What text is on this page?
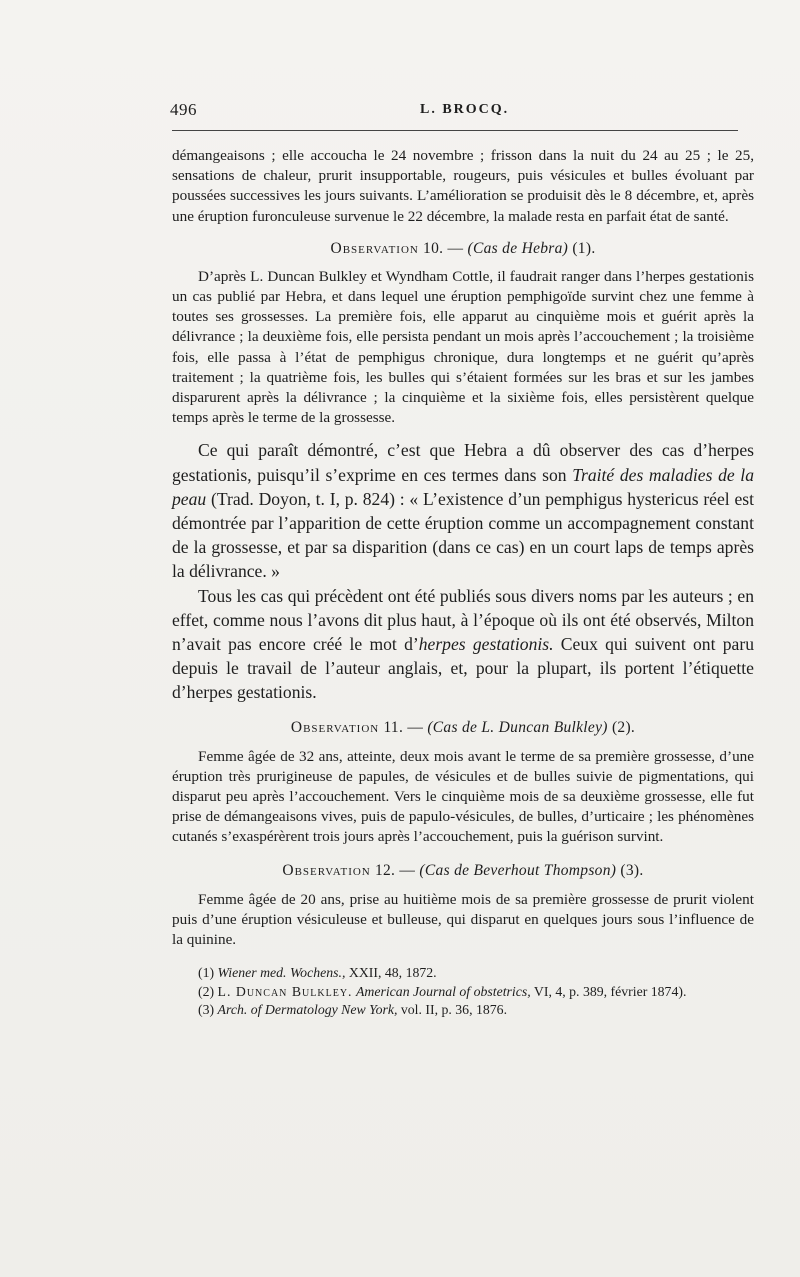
496	L. BROCQ.

démangeaisons ; elle accoucha le 24 novembre ; frisson dans la nuit du 24 au 25 ; le 25, sensations de chaleur, prurit insupportable, rougeurs, puis vésicules et bulles évoluant par poussées successives les jours suivants. L’amélioration se produisit dès le 8 décembre, et, après une éruption furonculeuse survenue le 22 décembre, la malade resta en parfait état de santé.

Observation 10. — (Cas de Hebra) (1).

D’après L. Duncan Bulkley et Wyndham Cottle, il faudrait ranger dans l’herpes gestationis un cas publié par Hebra, et dans lequel une éruption pemphigoïde survint chez une femme à toutes ses grossesses. La première fois, elle apparut au cinquième mois et guérit après la délivrance ; la deuxième fois, elle persista pendant un mois après l’accouchement ; la troisième fois, elle passa à l’état de pemphigus chronique, dura longtemps et ne guérit qu’après traitement ; la quatrième fois, les bulles qui s’étaient formées sur les bras et sur les jambes disparurent après la délivrance ; la cinquième et la sixième fois, elles persistèrent quelque temps après le terme de la grossesse.

Ce qui paraît démontré, c’est que Hebra a dû observer des cas d’herpes gestationis, puisqu’il s’exprime en ces termes dans son Traité des maladies de la peau (Trad. Doyon, t. I, p. 824) : « L’existence d’un pemphigus hystericus réel est démontrée par l’apparition de cette éruption comme un accompagnement constant de la grossesse, et par sa disparition (dans ce cas) en un court laps de temps après la délivrance. »

Tous les cas qui précèdent ont été publiés sous divers noms par les auteurs ; en effet, comme nous l’avons dit plus haut, à l’époque où ils ont été observés, Milton n’avait pas encore créé le mot d’herpes gestationis. Ceux qui suivent ont paru depuis le travail de l’auteur anglais, et, pour la plupart, ils portent l’étiquette d’herpes gestationis.

Observation 11. — (Cas de L. Duncan Bulkley) (2).

Femme âgée de 32 ans, atteinte, deux mois avant le terme de sa première grossesse, d’une éruption très prurigineuse de papules, de vésicules et de bulles suivie de pigmentations, qui disparut peu après l’accouchement. Vers le cinquième mois de sa deuxième grossesse, elle fut prise de démangeaisons vives, puis de papulo-vésicules, de bulles, d’urticaire ; les phénomènes cutanés s’exaspérèrent trois jours après l’accouchement, puis la guérison survint.

Observation 12. — (Cas de Beverhout Thompson) (3).

Femme âgée de 20 ans, prise au huitième mois de sa première grossesse de prurit violent puis d’une éruption vésiculeuse et bulleuse, qui disparut en quelques jours sous l’influence de la quinine.

(1) Wiener med. Wochens., XXII, 48, 1872.

(2) L. Duncan Bulkley. American Journal of obstetrics, VI, 4, p. 389, février 1874).

(3) Arch. of Dermatology New York, vol. II, p. 36, 1876.
